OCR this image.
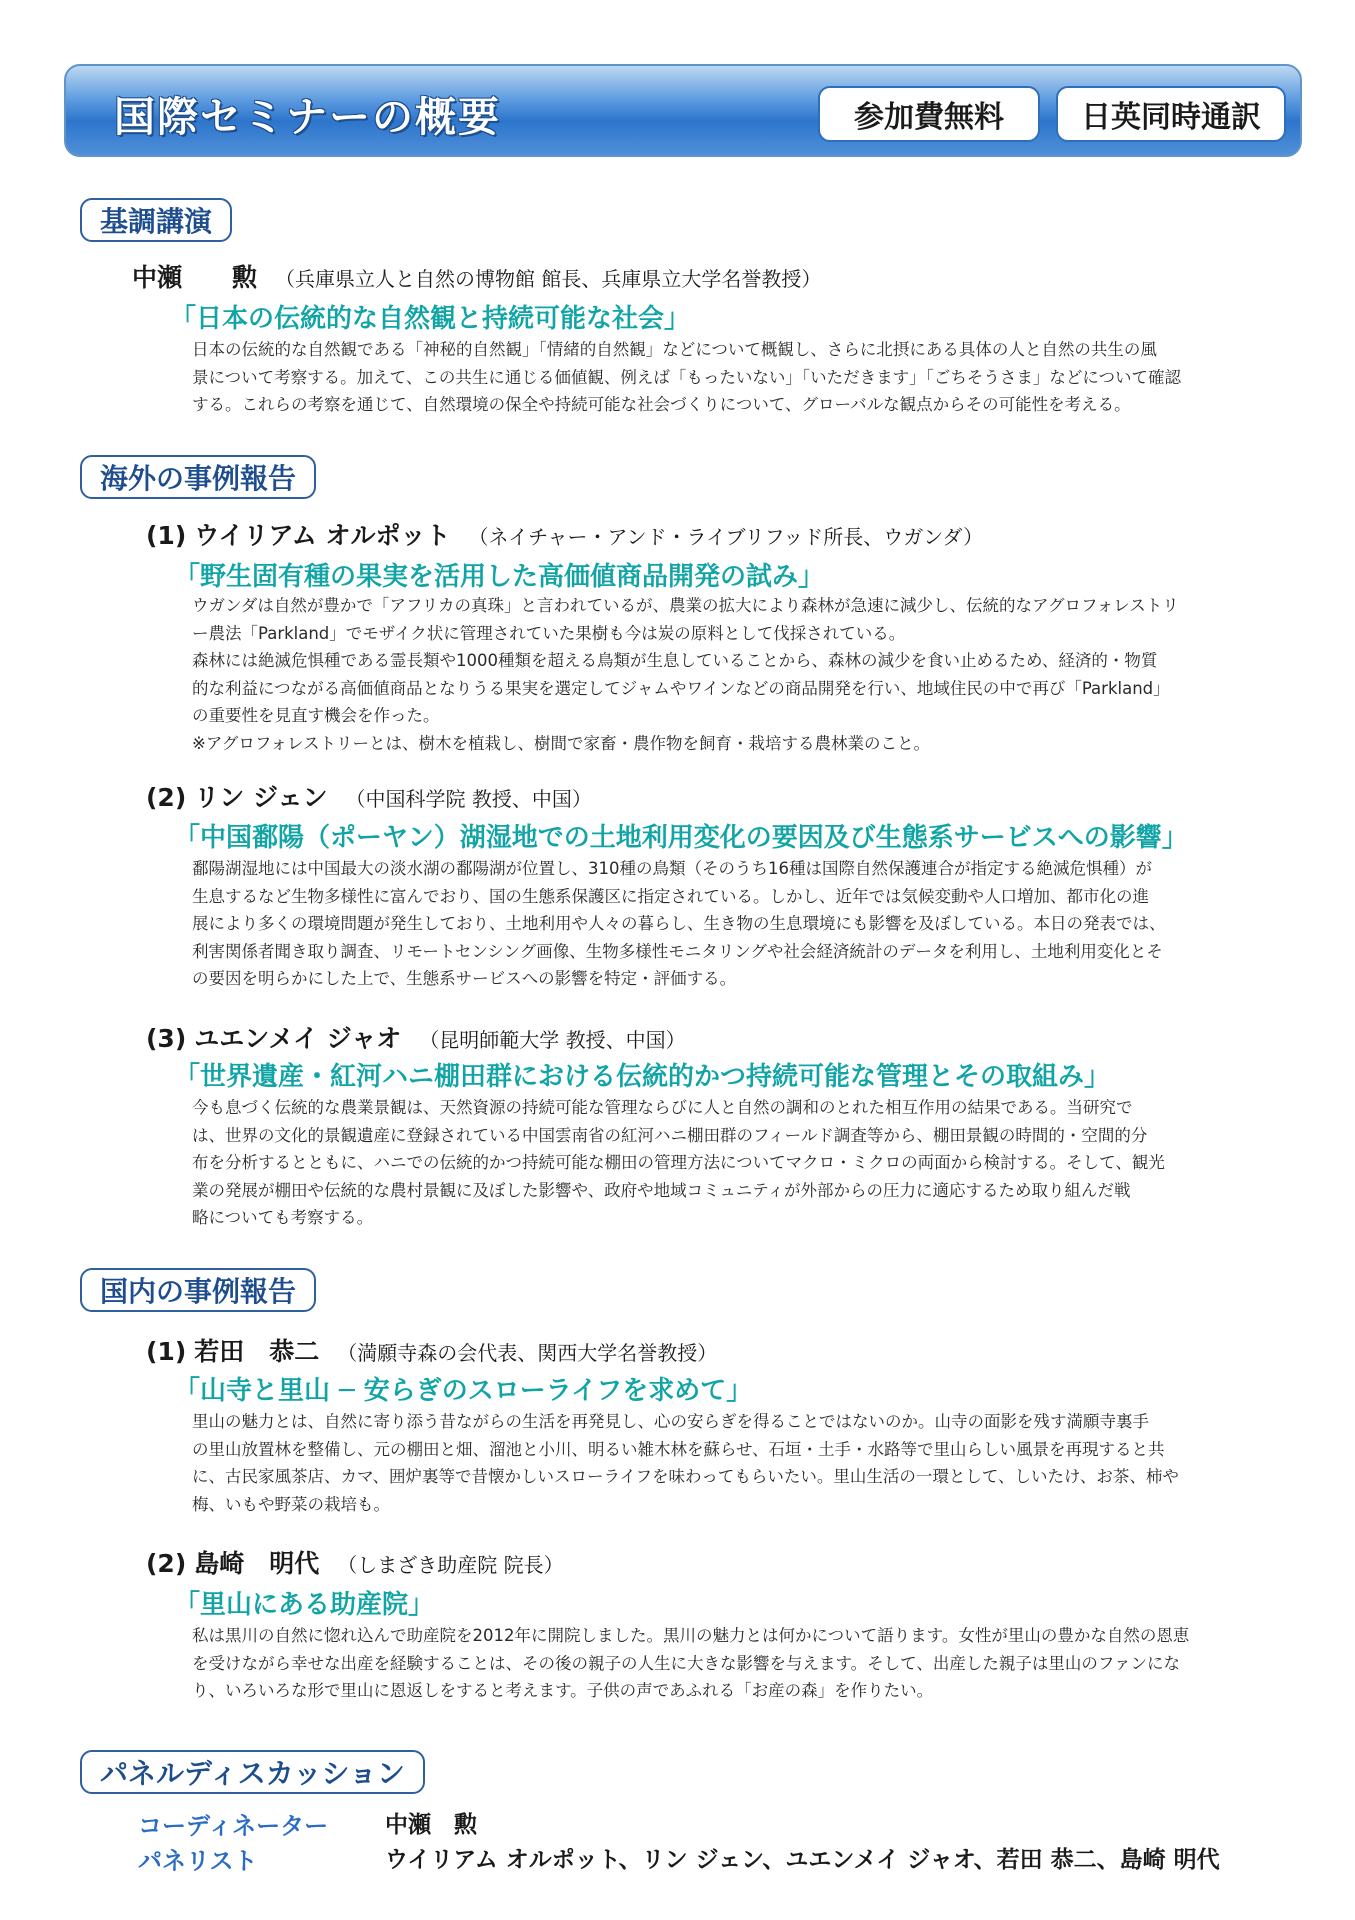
国際セミナーの概要	参加費無料	日英同時通訳
基調講演
中瀬　　勲 （兵庫県立人と自然の博物館 館長、兵庫県立大学名誉教授）
「日本の伝統的な自然観と持続可能な社会」

日本の伝統的な自然観である「神秘的自然観」「情緒的自然観」などについて概観し、さらに北摂にある具体の人と自然の共生の風

景について考察する。加えて、この共生に通じる価値観、例えば「もったいない」「いただきます」「ごちそうさま」などについて確認

する。これらの考察を通じて、自然環境の保全や持続可能な社会づくりについて、グローバルな観点からその可能性を考える。

海外の事例報告
(1) ウイリアム オルポット （ネイチャー・アンド・ライブリフッド所長、ウガンダ）
「野生固有種の果実を活用した高価値商品開発の試み」

ウガンダは自然が豊かで「アフリカの真珠」と言われているが、農業の拡大により森林が急速に減少し、伝統的なアグロフォレストリ

ー農法「Parkland」でモザイク状に管理されていた果樹も今は炭の原料として伐採されている。

森林には絶滅危惧種である霊長類や1000種類を超える鳥類が生息していることから、森林の減少を食い止めるため、経済的・物質

的な利益につながる高価値商品となりうる果実を選定してジャムやワインなどの商品開発を行い、地域住民の中で再び「Parkland」

の重要性を見直す機会を作った。

※アグロフォレストリーとは、樹木を植栽し、樹間で家畜・農作物を飼育・栽培する農林業のこと。

(2) リン ジェン （中国科学院 教授、中国）
「中国鄱陽（ポーヤン）湖湿地での土地利用変化の要因及び生態系サービスへの影響」

鄱陽湖湿地には中国最大の淡水湖の鄱陽湖が位置し、310種の鳥類（そのうち16種は国際自然保護連合が指定する絶滅危惧種）が

生息するなど生物多様性に富んでおり、国の生態系保護区に指定されている。しかし、近年では気候変動や人口増加、都市化の進

展により多くの環境問題が発生しており、土地利用や人々の暮らし、生き物の生息環境にも影響を及ぼしている。本日の発表では、

利害関係者聞き取り調査、リモートセンシング画像、生物多様性モニタリングや社会経済統計のデータを利用し、土地利用変化とそ

の要因を明らかにした上で、生態系サービスへの影響を特定・評価する。

(3) ユエンメイ ジャオ （昆明師範大学 教授、中国）
「世界遺産・紅河ハニ棚田群における伝統的かつ持続可能な管理とその取組み」

今も息づく伝統的な農業景観は、天然資源の持続可能な管理ならびに人と自然の調和のとれた相互作用の結果である。当研究で

は、世界の文化的景観遺産に登録されている中国雲南省の紅河ハニ棚田群のフィールド調査等から、棚田景観の時間的・空間的分

布を分析するとともに、ハニでの伝統的かつ持続可能な棚田の管理方法についてマクロ・ミクロの両面から検討する。そして、観光

業の発展が棚田や伝統的な農村景観に及ぼした影響や、政府や地域コミュニティが外部からの圧力に適応するため取り組んだ戦

略についても考察する。

国内の事例報告
(1) 若田　恭二 （満願寺森の会代表、関西大学名誉教授）
「山寺と里山 ─ 安らぎのスローライフを求めて」

里山の魅力とは、自然に寄り添う昔ながらの生活を再発見し、心の安らぎを得ることではないのか。山寺の面影を残す満願寺裏手

の里山放置林を整備し、元の棚田と畑、溜池と小川、明るい雑木林を蘇らせ、石垣・土手・水路等で里山らしい風景を再現すると共

に、古民家風茶店、カマ、囲炉裏等で昔懐かしいスローライフを味わってもらいたい。里山生活の一環として、しいたけ、お茶、柿や

梅、いもや野菜の栽培も。

(2) 島崎　明代 （しまざき助産院 院長）
「里山にある助産院」

私は黒川の自然に惚れ込んで助産院を2012年に開院しました。黒川の魅力とは何かについて語ります。女性が里山の豊かな自然の恩恵

を受けながら幸せな出産を経験することは、その後の親子の人生に大きな影響を与えます。そして、出産した親子は里山のファンにな

り、いろいろな形で里山に恩返しをすると考えます。子供の声であふれる「お産の森」を作りたい。

パネルディスカッション
コーディネーター 中瀬　勲
パネリスト	ウイリアム オルポット、リン ジェン、ユエンメイ ジャオ、若田 恭二、島崎 明代
